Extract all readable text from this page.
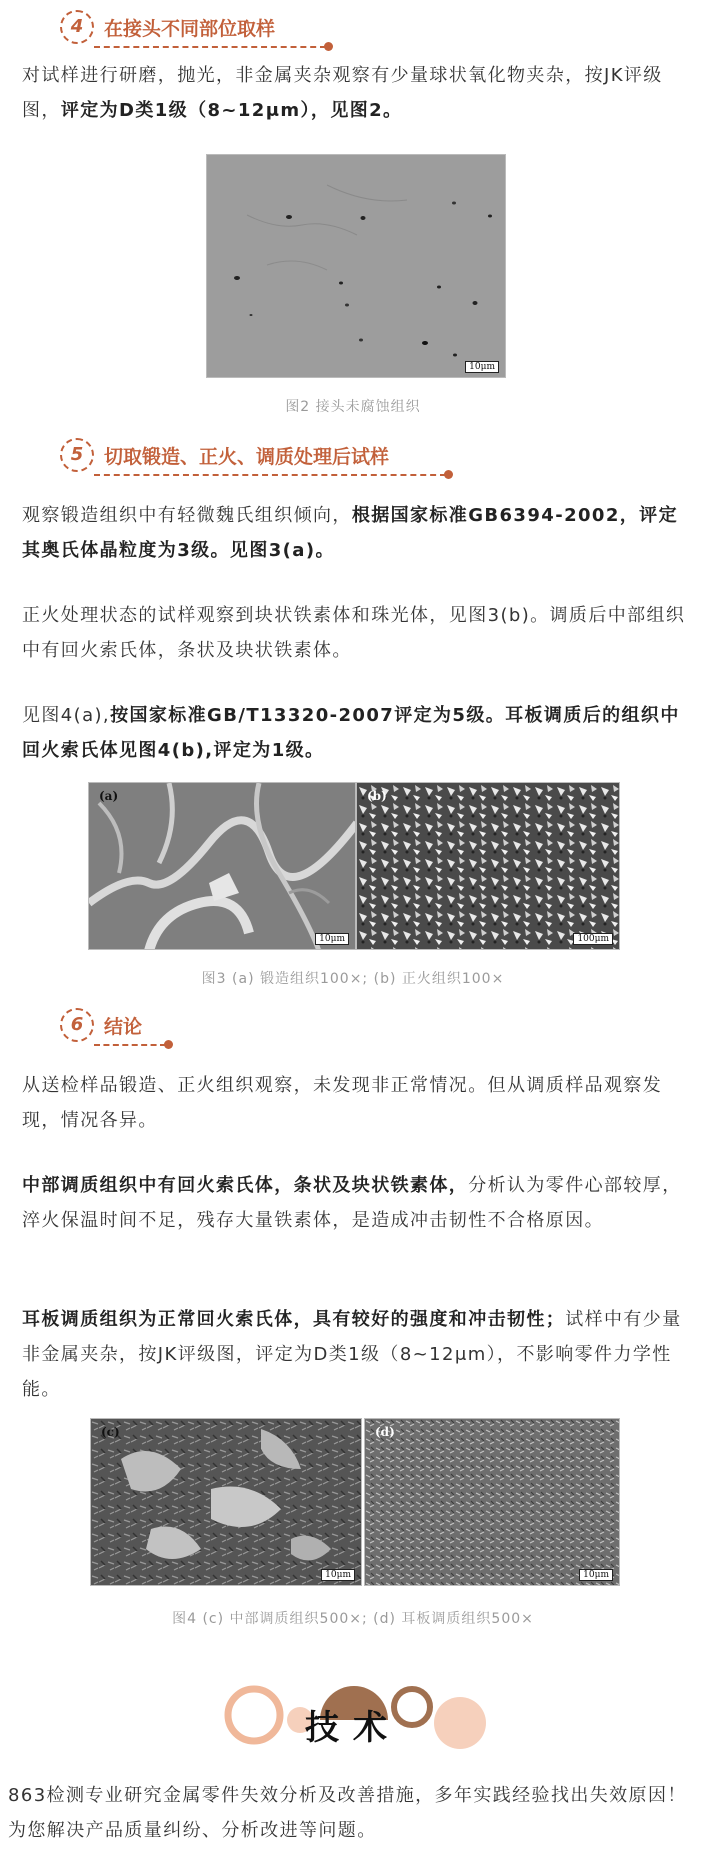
4	在接头不同部位取样

对试样进行研磨，抛光，非金属夹杂观察有少量球状氧化物夹杂，按JK评级图，评定为D类1级（8~12μm），见图2。

10μm
图2 接头未腐蚀组织
5	切取锻造、正火、调质处理后试样

观察锻造组织中有轻微魏氏组织倾向，根据国家标准GB6394-2002，评定其奥氏体晶粒度为3级。见图3(a)。

正火处理状态的试样观察到块状铁素体和珠光体，见图3(b)。调质后中部组织中有回火索氏体，条状及块状铁素体。

见图4(a),按国家标准GB/T13320-2007评定为5级。耳板调质后的组织中回火索氏体见图4(b),评定为1级。

(a)
10μm
(b)
100μm
图3 (a) 锻造组织100×; (b) 正火组织100×
6	结论

从送检样品锻造、正火组织观察，未发现非正常情况。但从调质样品观察发现，情况各异。

中部调质组织中有回火索氏体，条状及块状铁素体，分析认为零件心部较厚，淬火保温时间不足，残存大量铁素体，是造成冲击韧性不合格原因。

耳板调质组织为正常回火索氏体，具有较好的强度和冲击韧性；试样中有少量非金属夹杂，按JK评级图，评定为D类1级（8~12μm），不影响零件力学性能。

(c)
10μm
(d)
10μm
图4 (c) 中部调质组织500×; (d) 耳板调质组织500×
技术

863检测专业研究金属零件失效分析及改善措施，多年实践经验找出失效原因！为您解决产品质量纠纷、分析改进等问题。
